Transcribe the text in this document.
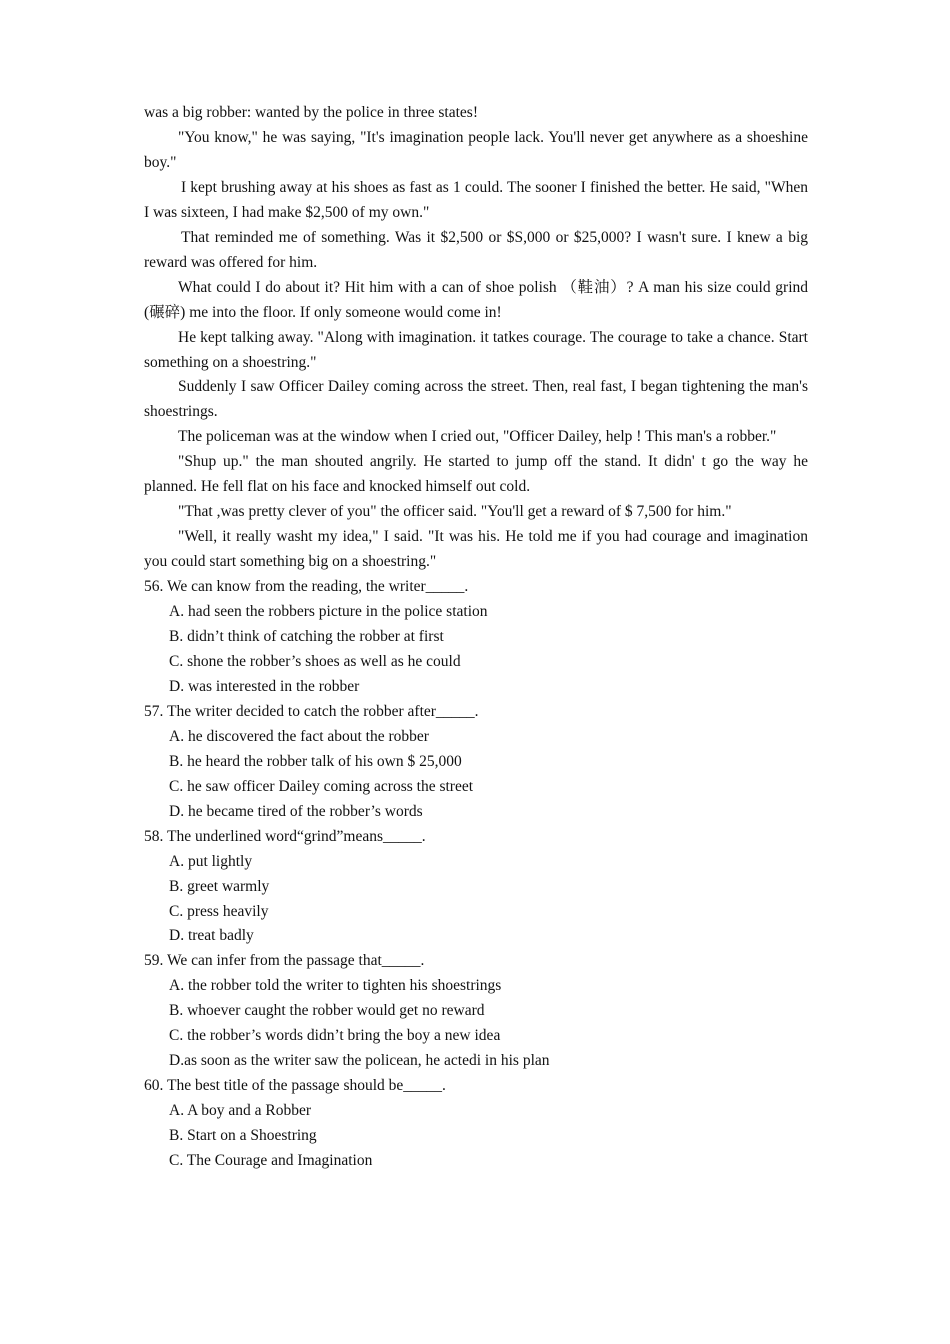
was a big robber: wanted by the police in three states!

"You know," he was saying, "It's imagination people lack. You'll never get anywhere as a shoeshine boy."

I kept brushing away at his shoes as fast as 1 could. The sooner I finished the better. He said, "When I was sixteen, I had make $2,500 of my own."

That reminded me of something. Was it $2,500 or $S,000 or $25,000? I wasn't sure. I knew a big reward was offered for him.

What could I do about it? Hit him with a can of shoe polish （鞋油）? A man his size could grind (碾碎) me into the floor. If only someone would come in!

He kept talking away. "Along with imagination. it tatkes courage. The courage to take a chance. Start something on a shoestring."

Suddenly I saw Officer Dailey coming across the street. Then, real fast, I began tightening the man's shoestrings.

The policeman was at the window when I cried out, "Officer Dailey, help ! This man's a robber."

"Shup up." the man shouted angrily. He started to jump off the stand. It didn' t go the way he planned. He fell flat on his face and knocked himself out cold.

"That ,was pretty clever of you" the officer said. "You'll get a reward of $ 7,500 for him."

"Well, it really washt my idea," I said. "It was his. He told me if you had courage and imagination you could start something big on a shoestring."

56. We can know from the reading, the writer_____.

A. had seen the robbers picture in the police station

B. didn’t think of catching the robber at first

C. shone the robber’s shoes as well as he could

D. was interested in the robber

57. The writer decided to catch the robber after_____.

A. he discovered the fact about the robber

B. he heard the robber talk of his own $ 25,000

C. he saw officer Dailey coming across the street

D. he became tired of the robber’s words

58. The underlined word“grind”means_____.

A. put lightly

B. greet warmly

C. press heavily

D. treat badly

59. We can infer from the passage that_____.

A. the robber told the writer to tighten his shoestrings

B. whoever caught the robber would get no reward

C. the robber’s words didn’t bring the boy a new idea

D.as soon as the writer saw the policean, he actedi in his plan

60. The best title of the passage should be_____.

A. A boy and a Robber

B. Start on a Shoestring

C. The Courage and Imagination
